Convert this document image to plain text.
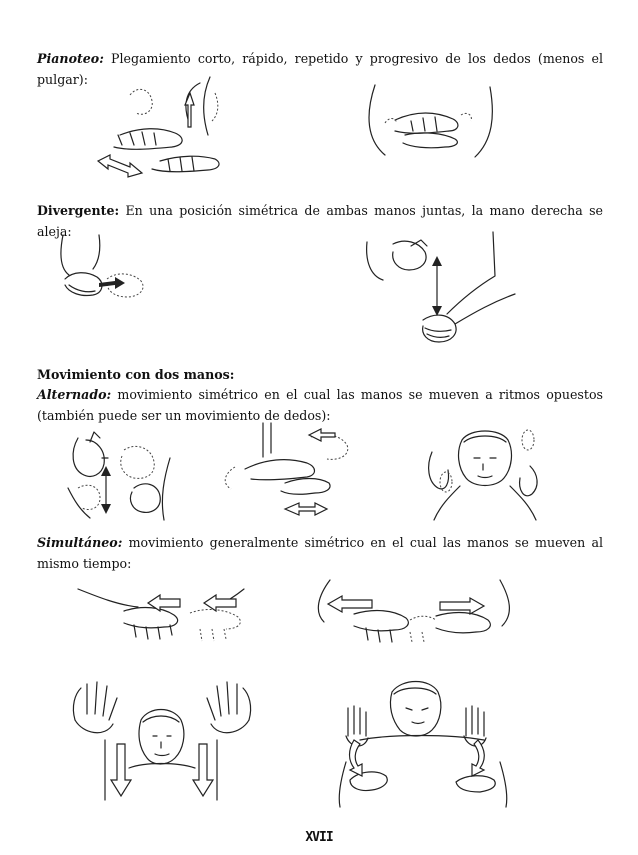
Pianoteo: Plegamiento corto, rápido, repetido y progresivo de los dedos (menos el pulgar):
Divergente: En una posición simétrica de ambas manos juntas, la mano derecha se aleja:
Movimiento con dos manos:
Alternado: movimiento simétrico en el cual las manos se mueven a ritmos opuestos (también puede ser un movimiento de dedos):
Simultáneo: movimiento generalmente simétrico en el cual las manos se mueven al mismo tiempo:
XVII
